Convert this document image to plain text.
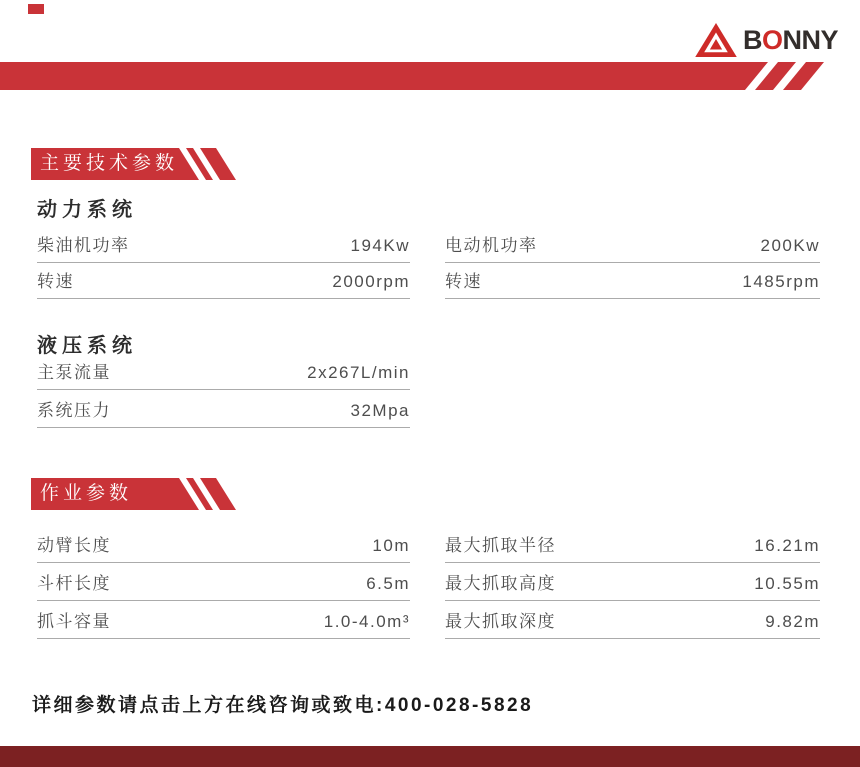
BONNY
主要技术参数
动力系统
柴油机功率	194Kw
转速	2000rpm
电动机功率	200Kw
转速	1485rpm
液压系统
主泵流量	2x267L/min
系统压力	32Mpa
作业参数
动臂长度	10m
斗杆长度	6.5m
抓斗容量	1.0-4.0m³
最大抓取半径	16.21m
最大抓取高度	10.55m
最大抓取深度	9.82m
详细参数请点击上方在线咨询或致电:400-028-5828
